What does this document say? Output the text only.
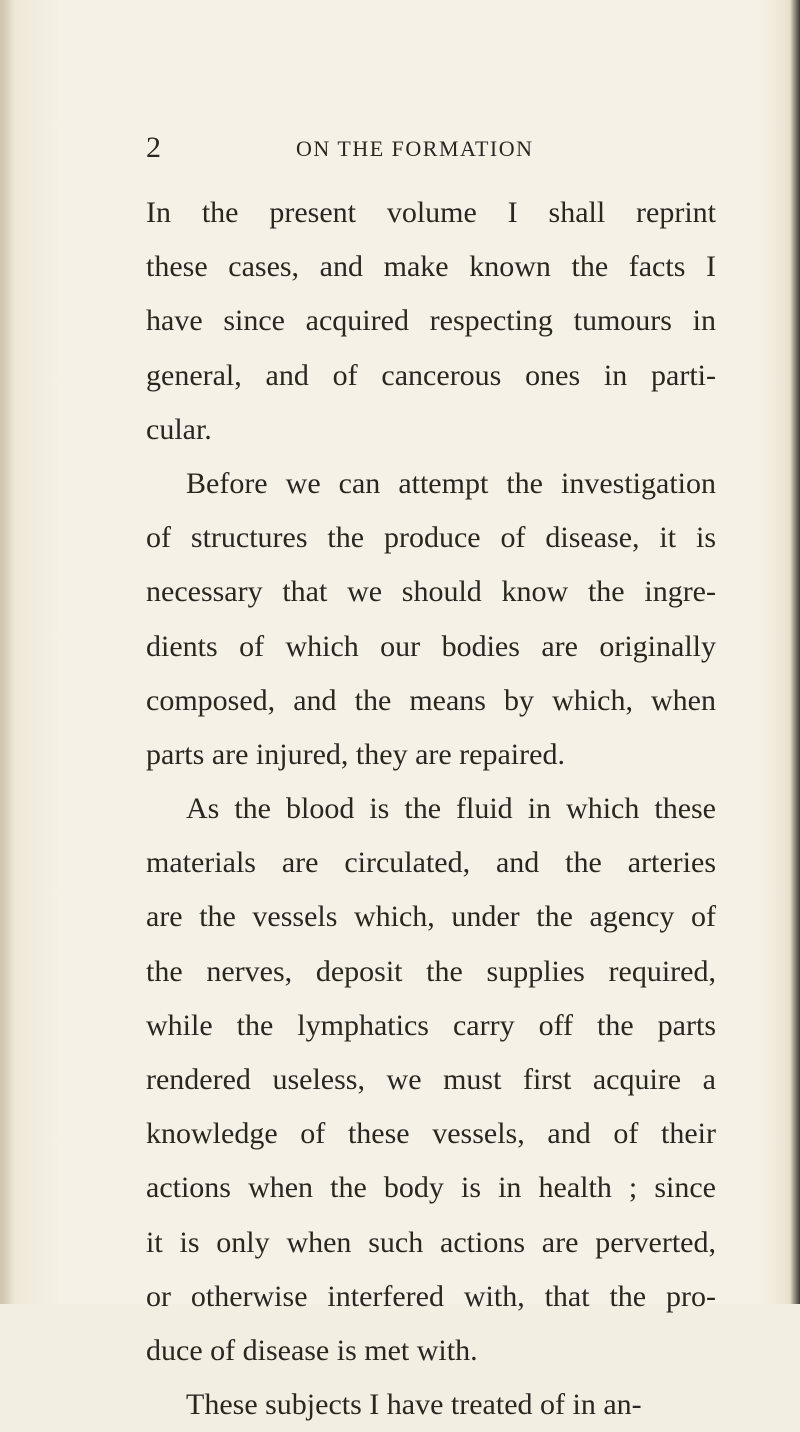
2	ON THE FORMATION
In the present volume I shall reprint
these cases, and make known the facts I
have since acquired respecting tumours in
general, and of cancerous ones in parti-
cular.
Before we can attempt the investigation
of structures the produce of disease, it is
necessary that we should know the ingre-
dients of which our bodies are originally
composed, and the means by which, when
parts are injured, they are repaired.
As the blood is the fluid in which these
materials are circulated, and the arteries
are the vessels which, under the agency of
the nerves, deposit the supplies required,
while the lymphatics carry off the parts
rendered useless, we must first acquire a
knowledge of these vessels, and of their
actions when the body is in health ; since
it is only when such actions are perverted,
or otherwise interfered with, that the pro-
duce of disease is met with.
These subjects I have treated of in an-
